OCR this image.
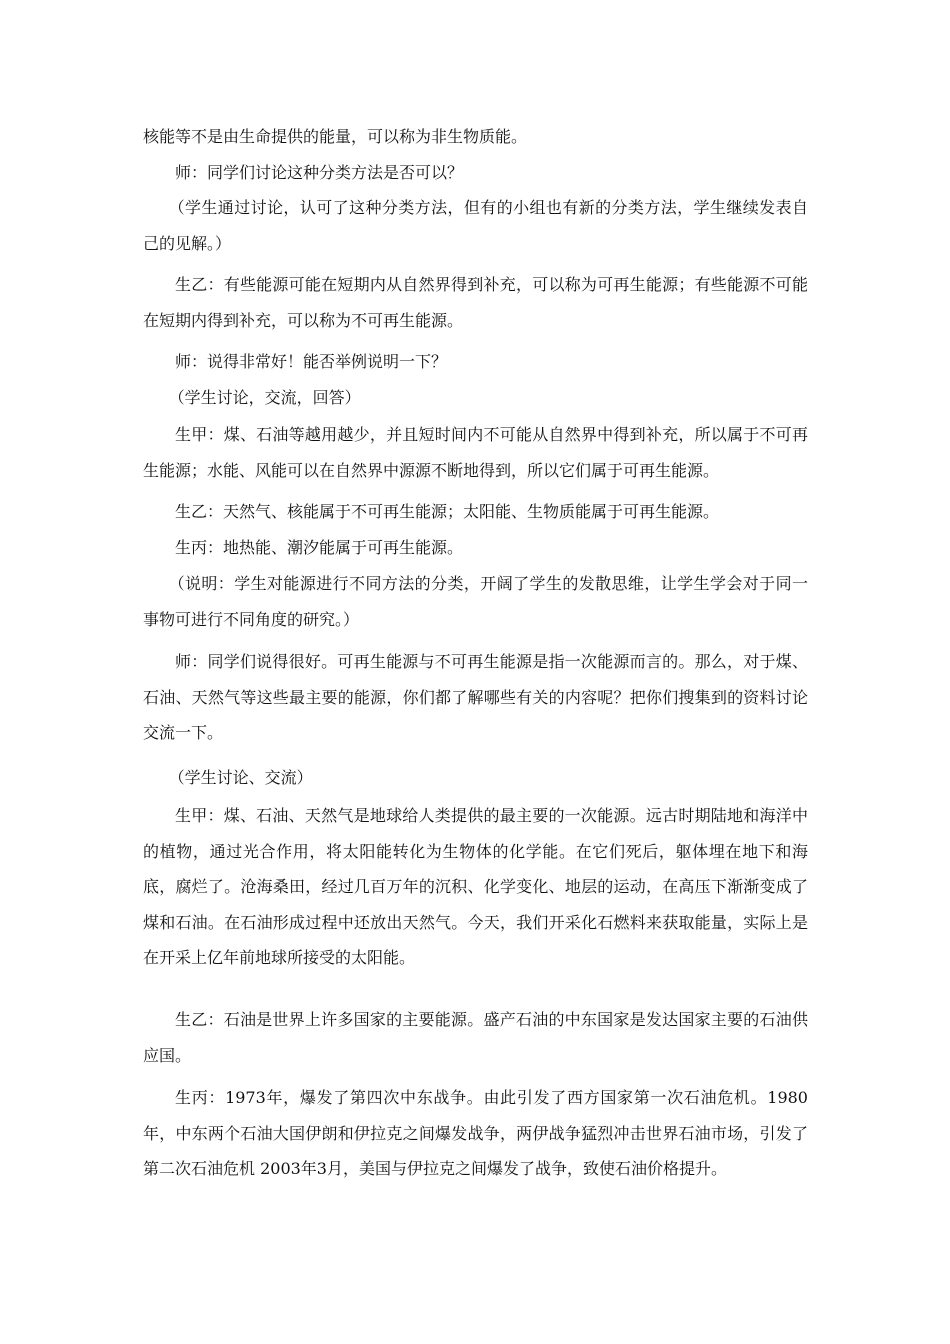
核能等不是由生命提供的能量，可以称为非生物质能。

师：同学们讨论这种分类方法是否可以？

（学生通过讨论，认可了这种分类方法，但有的小组也有新的分类方法，学生继续发表自己的见解。）

生乙：有些能源可能在短期内从自然界得到补充，可以称为可再生能源；有些能源不可能在短期内得到补充，可以称为不可再生能源。

师：说得非常好！能否举例说明一下？

（学生讨论，交流，回答）

生甲：煤、石油等越用越少，并且短时间内不可能从自然界中得到补充，所以属于不可再生能源；水能、风能可以在自然界中源源不断地得到，所以它们属于可再生能源。

生乙：天然气、核能属于不可再生能源；太阳能、生物质能属于可再生能源。

生丙：地热能、潮汐能属于可再生能源。

（说明：学生对能源进行不同方法的分类，开阔了学生的发散思维，让学生学会对于同一事物可进行不同角度的研究。）

师：同学们说得很好。可再生能源与不可再生能源是指一次能源而言的。那么，对于煤、石油、天然气等这些最主要的能源，你们都了解哪些有关的内容呢？把你们搜集到的资料讨论交流一下。

（学生讨论、交流）

生甲：煤、石油、天然气是地球给人类提供的最主要的一次能源。远古时期陆地和海洋中的植物，通过光合作用，将太阳能转化为生物体的化学能。在它们死后，躯体埋在地下和海底，腐烂了。沧海桑田，经过几百万年的沉积、化学变化、地层的运动，在高压下渐渐变成了煤和石油。在石油形成过程中还放出天然气。今天，我们开采化石燃料来获取能量，实际上是在开采上亿年前地球所接受的太阳能。

生乙：石油是世界上许多国家的主要能源。盛产石油的中东国家是发达国家主要的石油供应国。

生丙：1973年，爆发了第四次中东战争。由此引发了西方国家第一次石油危机。1980年，中东两个石油大国伊朗和伊拉克之间爆发战争，两伊战争猛烈冲击世界石油市场，引发了第二次石油危机 2003年3月，美国与伊拉克之间爆发了战争，致使石油价格提升。
